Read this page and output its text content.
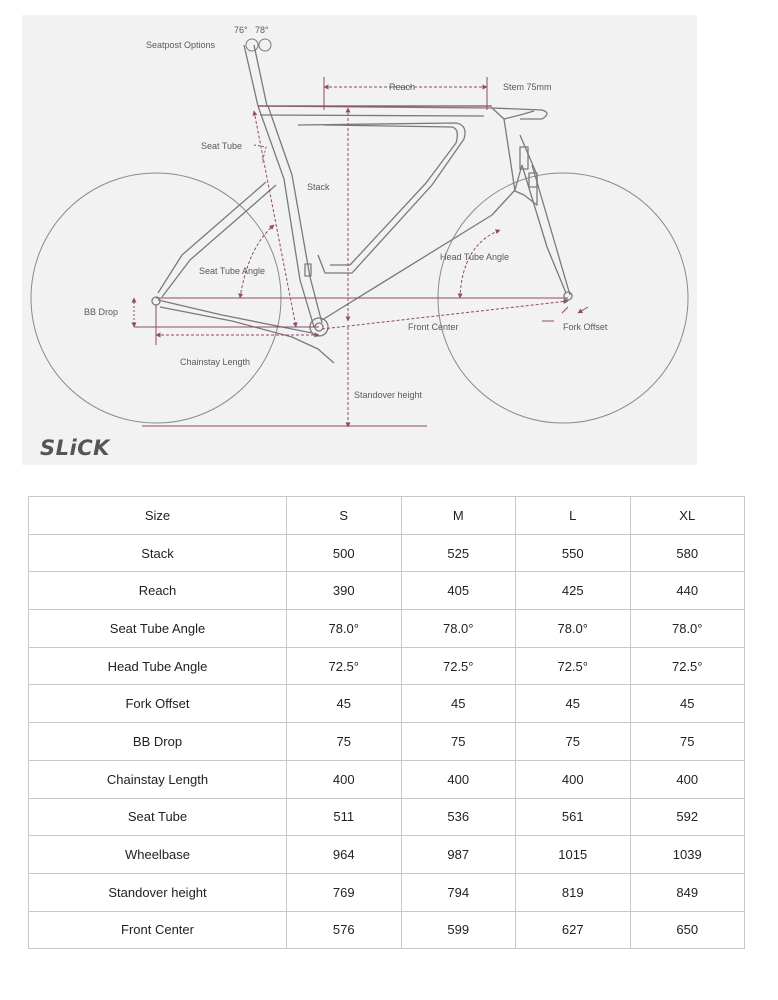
76° 78°
Seatpost Options
Reach	Stem 75mm
Seat Tube
Stack
Seat Tube Angle
Head Tube Angle
BB Drop
Front Center	Fork Offset
Chainstay Length
Standover height
SLiCK
Size	S	M	L	XL
Stack	500	525	550	580
Reach	390	405	425	440
Seat Tube Angle	78.0°	78.0°	78.0°	78.0°
Head Tube Angle	72.5°	72.5°	72.5°	72.5°
Fork Offset	45	45	45	45
BB Drop	75	75	75	75
Chainstay Length	400	400	400	400
Seat Tube	511	536	561	592
Wheelbase	964	987	1015	1039
Standover height	769	794	819	849
Front Center	576	599	627	650
